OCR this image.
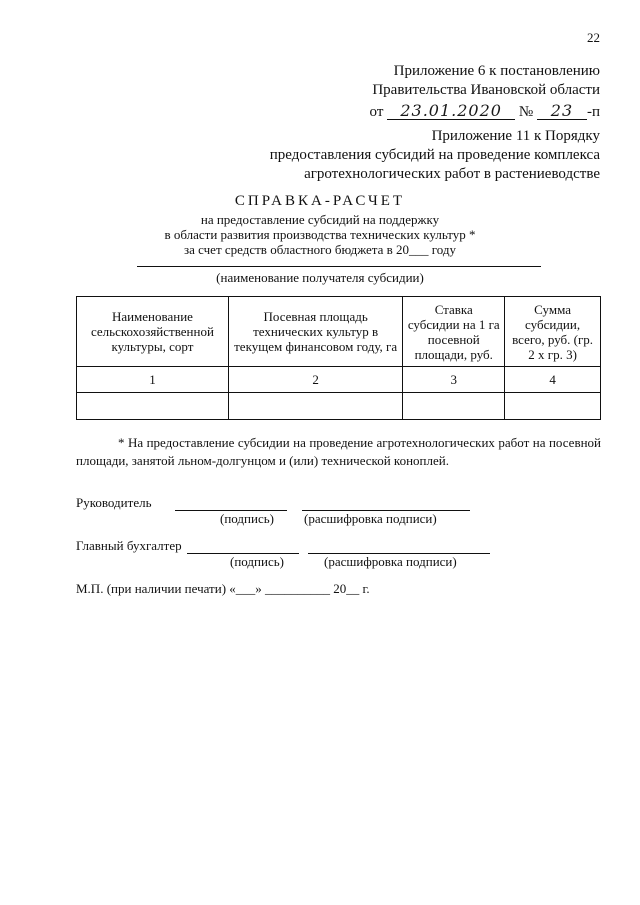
22
Приложение 6 к постановлению
Правительства Ивановской области
от 23.01.2020 № 23 -п
Приложение 11 к Порядку
предоставления субсидий на проведение комплекса
агротехнологических работ в растениеводстве
СПРАВКА-РАСЧЕТ
на предоставление субсидий на поддержку
в области развития производства технических культур *
за счет средств областного бюджета в 20___ году
(наименование получателя субсидии)
Наименование сельскохозяйственной культуры, сорт	Посевная площадь технических культур в текущем финансовом году, га	Ставка субсидии на 1 га посевной площади, руб.	Сумма субсидии, всего, руб. (гр. 2 х гр. 3)
1	2	3	4

* На предоставление субсидии на проведение агротехнологических работ на посевной площади, занятой льном-долгунцом и (или) технической коноплей.
Руководитель
(подпись) (расшифровка подписи)
Главный бухгалтер
(подпись)	(расшифровка подписи)
М.П. (при наличии печати) «___» __________ 20__ г.
